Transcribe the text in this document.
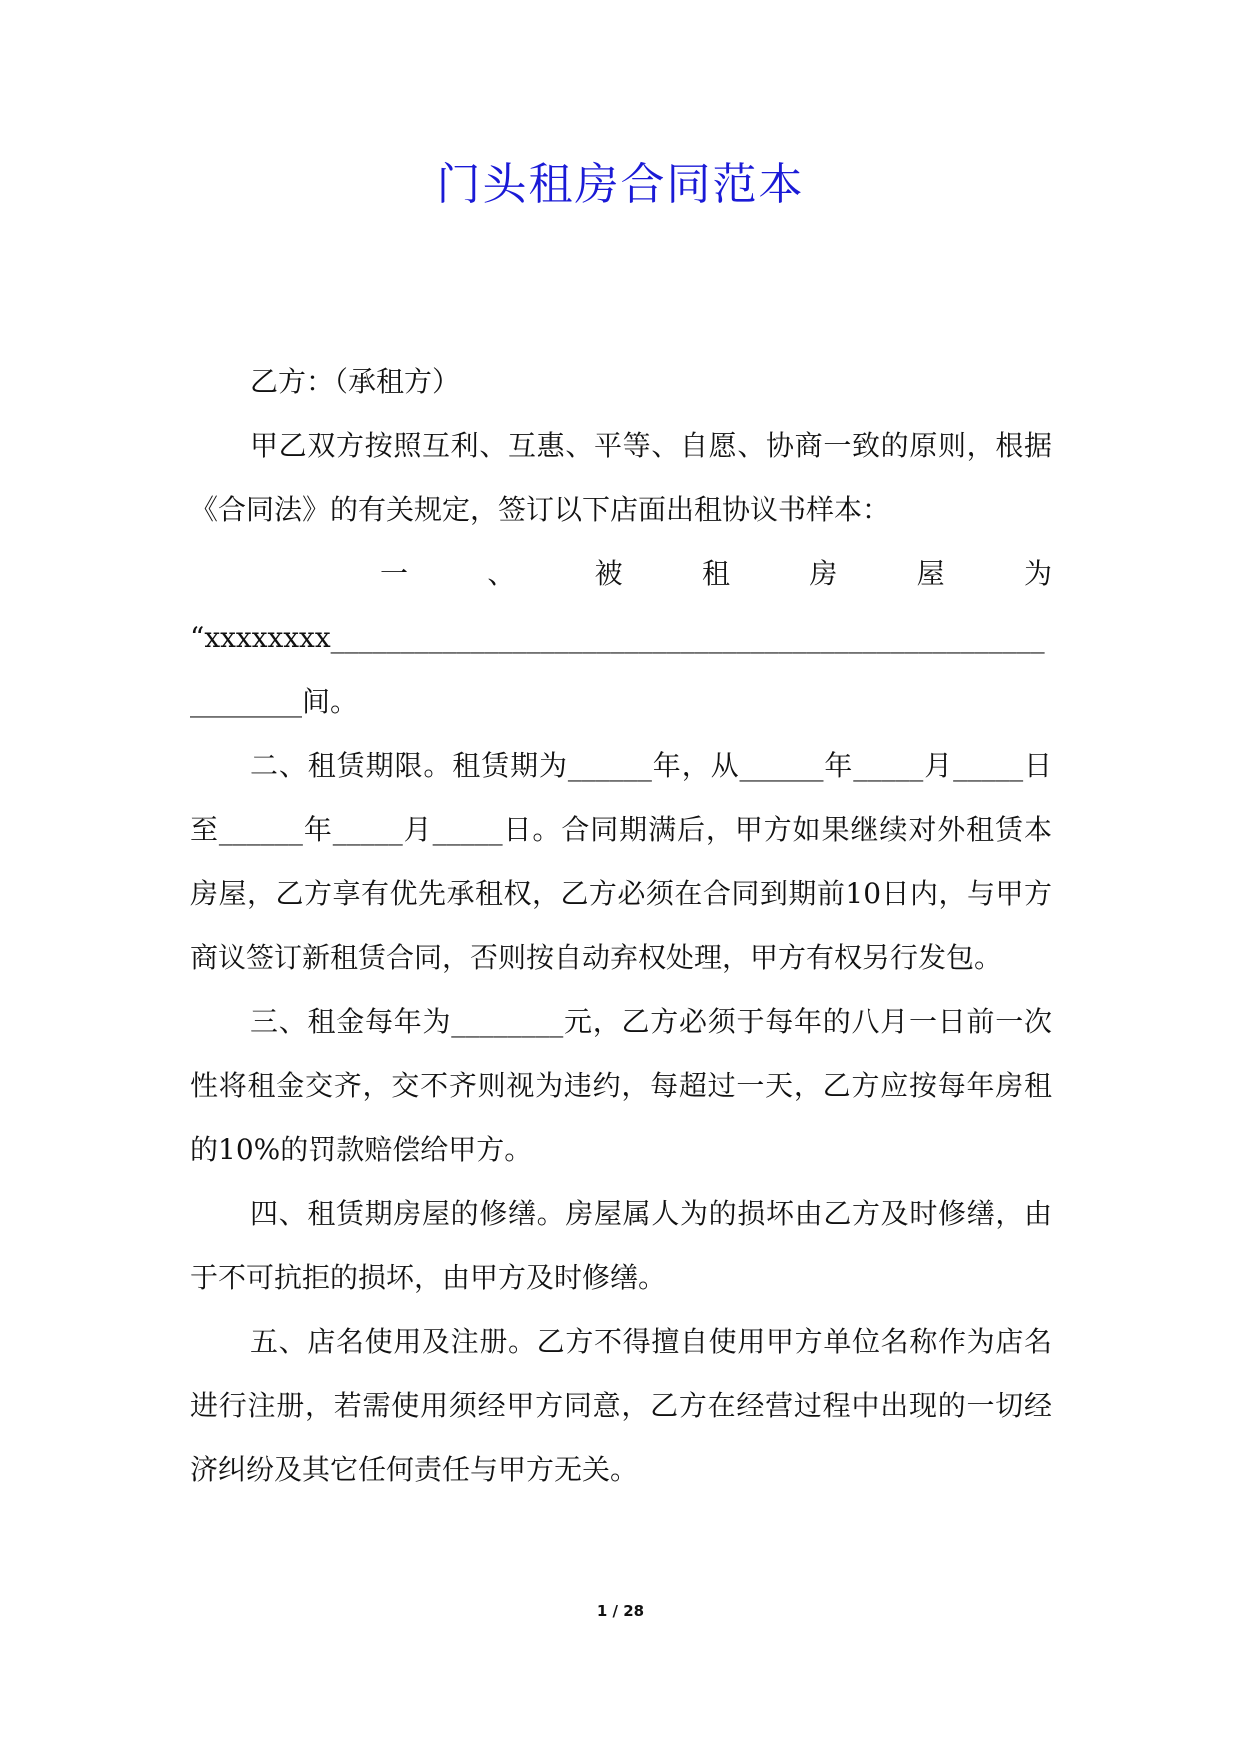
门头租房合同范本

乙方：（承租方）

甲乙双方按照互利、互惠、平等、自愿、协商一致的原则，根据《合同法》的有关规定，签订以下店面出租协议书样本：

一、被租房屋为

“xxxxxxxx___________________________________________________________间。

二、租赁期限。租赁期为______年，从______年_____月_____日至______年_____月_____日。合同期满后，甲方如果继续对外租赁本房屋，乙方享有优先承租权，乙方必须在合同到期前10日内，与甲方商议签订新租赁合同，否则按自动弃权处理，甲方有权另行发包。

三、租金每年为________元，乙方必须于每年的八月一日前一次性将租金交齐，交不齐则视为违约，每超过一天，乙方应按每年房租的10%的罚款赔偿给甲方。

四、租赁期房屋的修缮。房屋属人为的损坏由乙方及时修缮，由于不可抗拒的损坏，由甲方及时修缮。

五、店名使用及注册。乙方不得擅自使用甲方单位名称作为店名进行注册，若需使用须经甲方同意，乙方在经营过程中出现的一切经济纠纷及其它任何责任与甲方无关。

1 / 28
